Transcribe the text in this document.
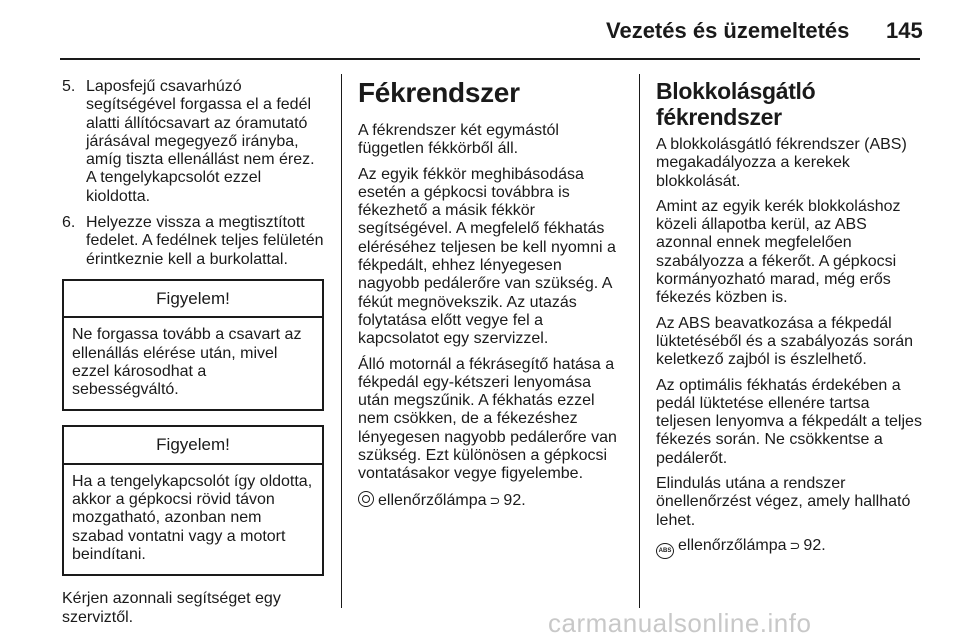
Vezetés és üzemeltetés 145
5. Laposfejű csavarhúzó segítségével forgassa el a fedél alatti állítócsavart az óramutató járásával megegyező irányba, amíg tiszta ellenállást nem érez. A tengelykapcsolót ezzel kioldotta.
6. Helyezze vissza a megtisztított fedelet. A fedélnek teljes felületén érintkeznie kell a burkolattal.
Figyelem!
Ne forgassa tovább a csavart az ellenállás elérése után, mivel ezzel károsodhat a sebességváltó.
Figyelem!
Ha a tengelykapcsolót így oldotta, akkor a gépkocsi rövid távon mozgatható, azonban nem szabad vontatni vagy a motort beindítani.

Kérjen azonnali segítséget egy szerviztől.

Fékrendszer

A fékrendszer két egymástól független fékkörből áll.

Az egyik fékkör meghibásodása esetén a gépkocsi továbbra is fékezhető a másik fékkör segítségével. A megfelelő fékhatás eléréséhez teljesen be kell nyomni a fékpedált, ehhez lényegesen nagyobb pedálerőre van szükség. A fékút megnövekszik. Az utazás folytatása előtt vegye fel a kapcsolatot egy szervizzel.

Álló motornál a fékrásegítő hatása a fékpedál egy-kétszeri lenyomása után megszűnik. A fékhatás ezzel nem csökken, de a fékezéshez lényegesen nagyobb pedálerőre van szükség. Ezt különösen a gépkocsi vontatásakor vegye figyelembe.

ellenőrzőlámpa ⊃ 92.

Blokkolásgátló fékrendszer

A blokkolásgátló fékrendszer (ABS) megakadályozza a kerekek blokkolását.

Amint az egyik kerék blokkoláshoz közeli állapotba kerül, az ABS azonnal ennek megfelelően szabályozza a fékerőt. A gépkocsi kormányozható marad, még erős fékezés közben is.

Az ABS beavatkozása a fékpedál lüktetéséből és a szabályozás során keletkező zajból is észlelhető.

Az optimális fékhatás érdekében a pedál lüktetése ellenére tartsa teljesen lenyomva a fékpedált a teljes fékezés során. Ne csökkentse a pedálerőt.

Elindulás utána a rendszer önellenőrzést végez, amely hallható lehet.

ABS ellenőrzőlámpa ⊃ 92.

carmanualsonline.info
